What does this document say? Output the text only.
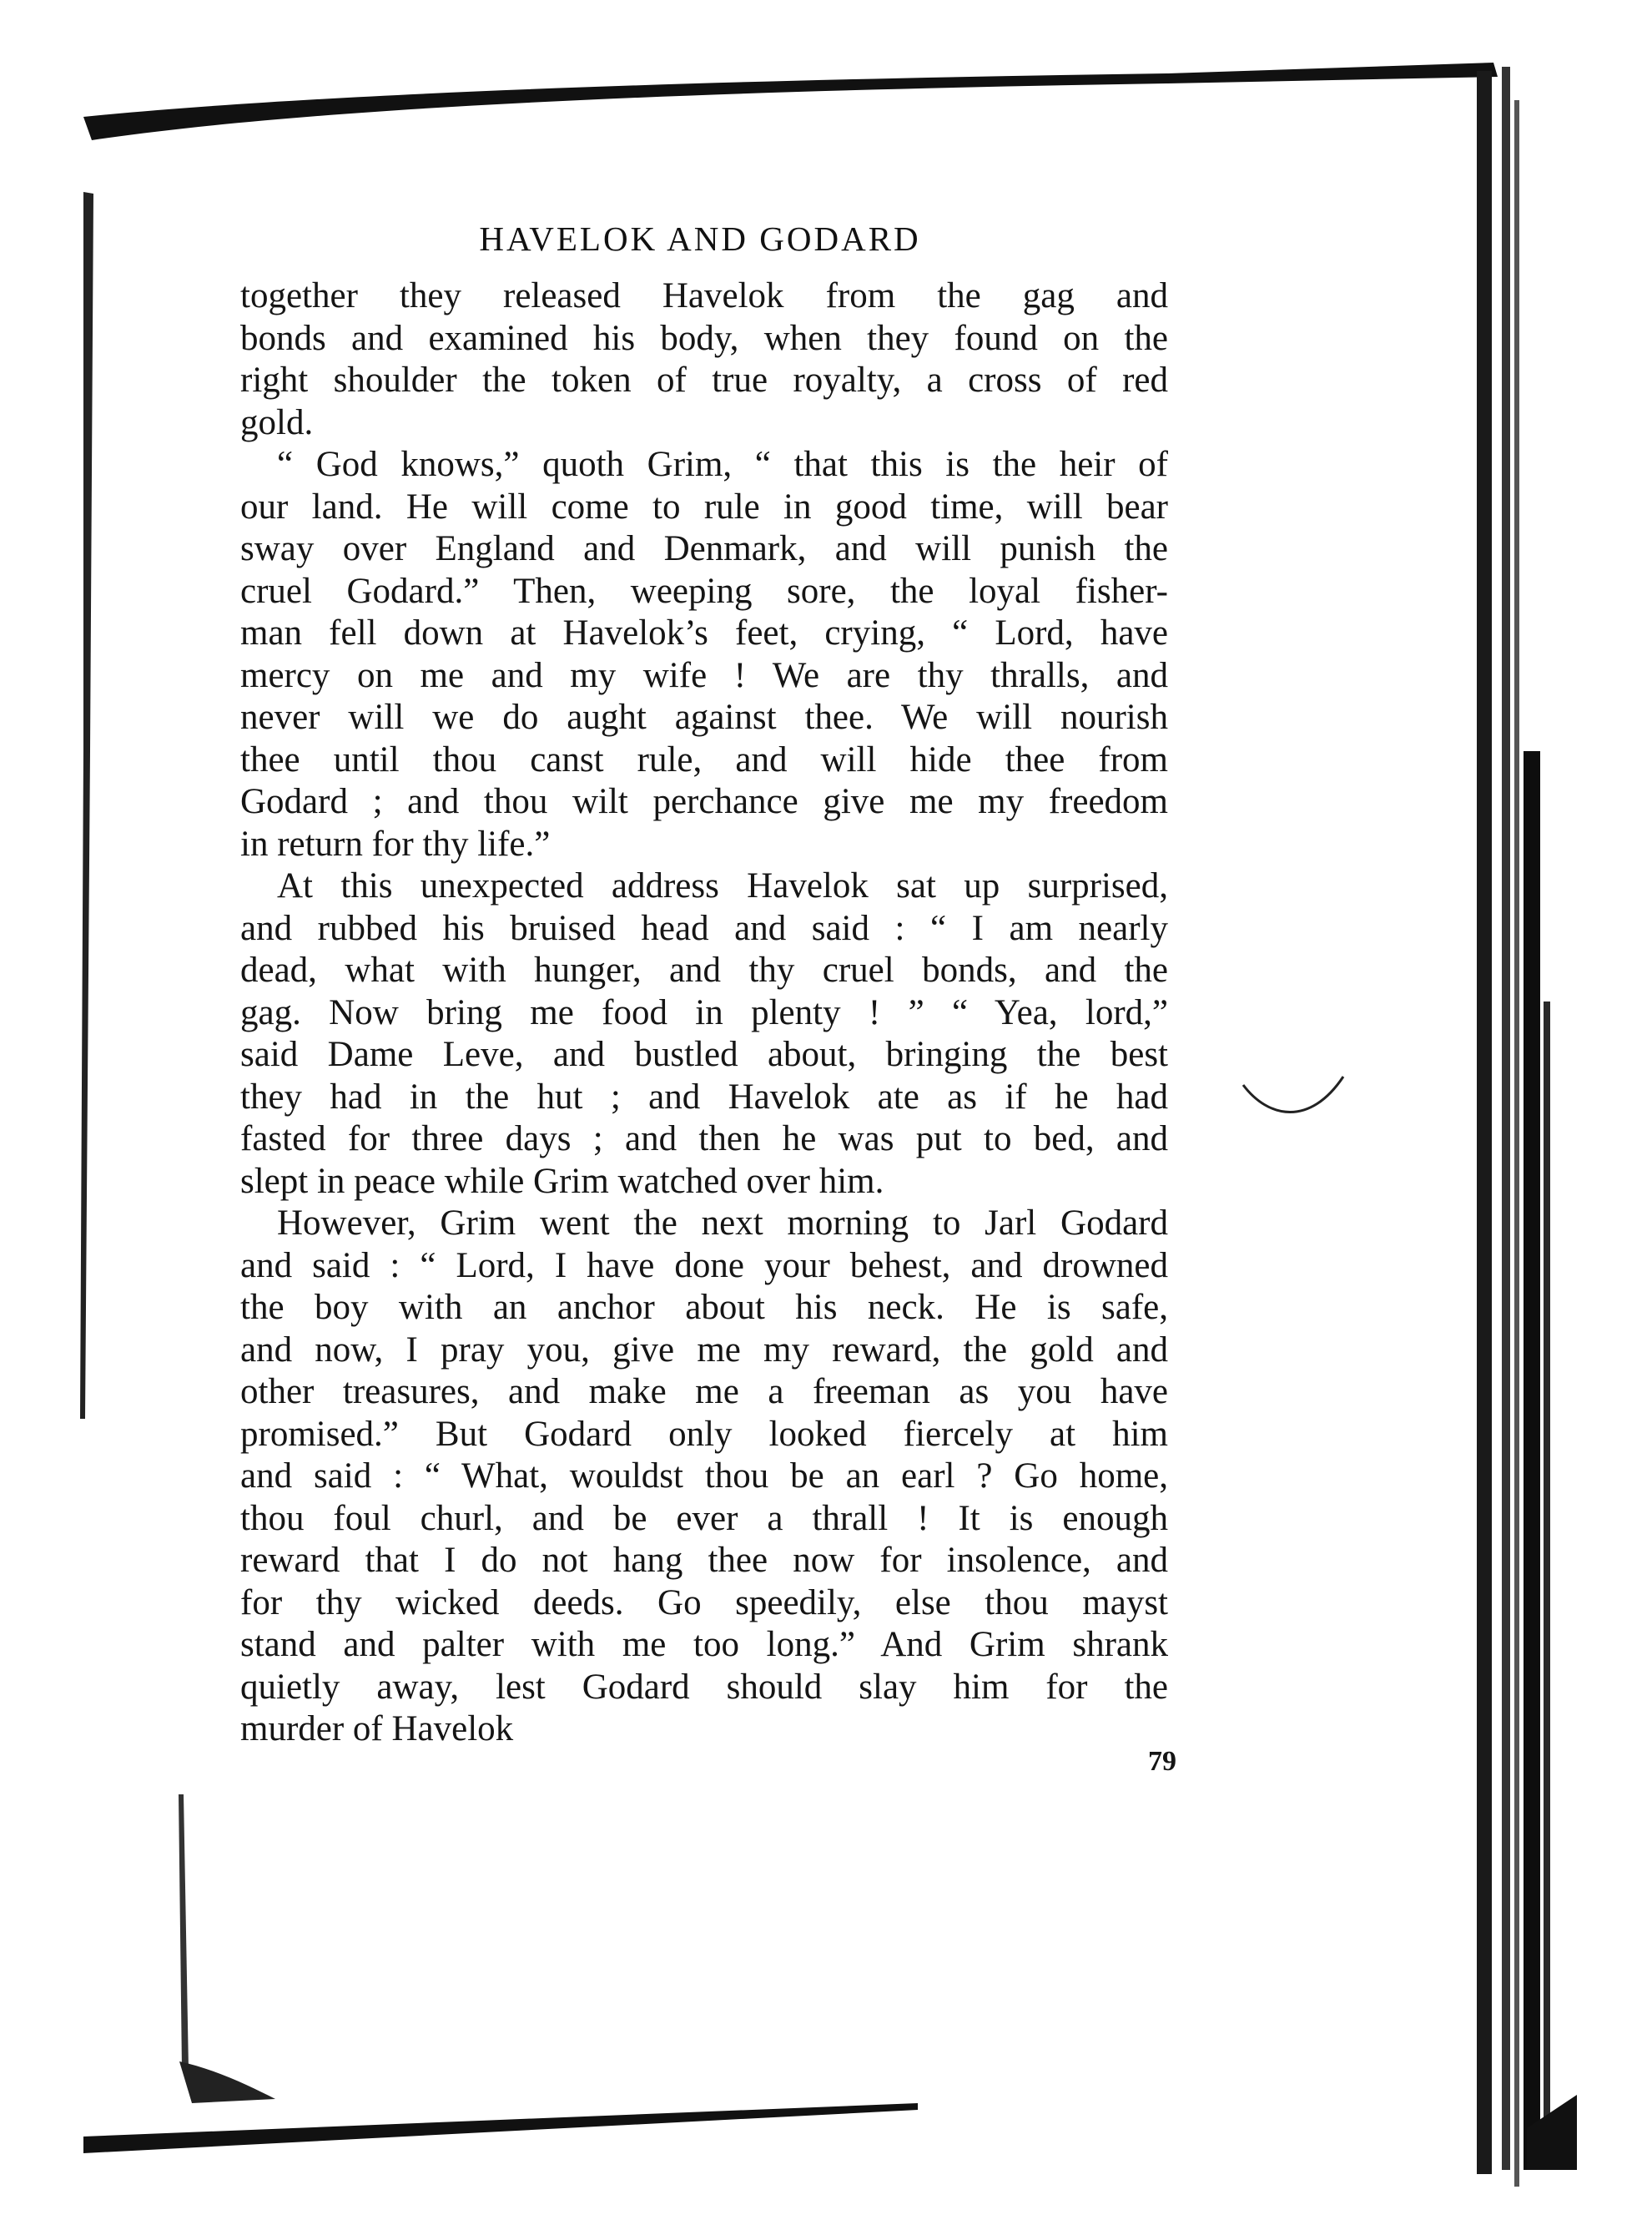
HAVELOK AND GODARD
together they released Havelok from the gag and
bonds and examined his body, when they found on the
right shoulder the token of true royalty, a cross of red
gold.
“ God knows,” quoth Grim, “ that this is the heir of
our land. He will come to rule in good time, will bear
sway over England and Denmark, and will punish the
cruel Godard.” Then, weeping sore, the loyal fisher-
man fell down at Havelok’s feet, crying, “ Lord, have
mercy on me and my wife ! We are thy thralls, and
never will we do aught against thee. We will nourish
thee until thou canst rule, and will hide thee from
Godard ; and thou wilt perchance give me my freedom
in return for thy life.”
At this unexpected address Havelok sat up surprised,
and rubbed his bruised head and said : “ I am nearly
dead, what with hunger, and thy cruel bonds, and the
gag. Now bring me food in plenty ! ” “ Yea, lord,”
said Dame Leve, and bustled about, bringing the best
they had in the hut ; and Havelok ate as if he had
fasted for three days ; and then he was put to bed, and
slept in peace while Grim watched over him.
However, Grim went the next morning to Jarl Godard
and said : “ Lord, I have done your behest, and drowned
the boy with an anchor about his neck. He is safe,
and now, I pray you, give me my reward, the gold and
other treasures, and make me a freeman as you have
promised.” But Godard only looked fiercely at him
and said : “ What, wouldst thou be an earl ? Go home,
thou foul churl, and be ever a thrall ! It is enough
reward that I do not hang thee now for insolence, and
for thy wicked deeds. Go speedily, else thou mayst
stand and palter with me too long.” And Grim shrank
quietly away, lest Godard should slay him for the
murder of Havelok
79
